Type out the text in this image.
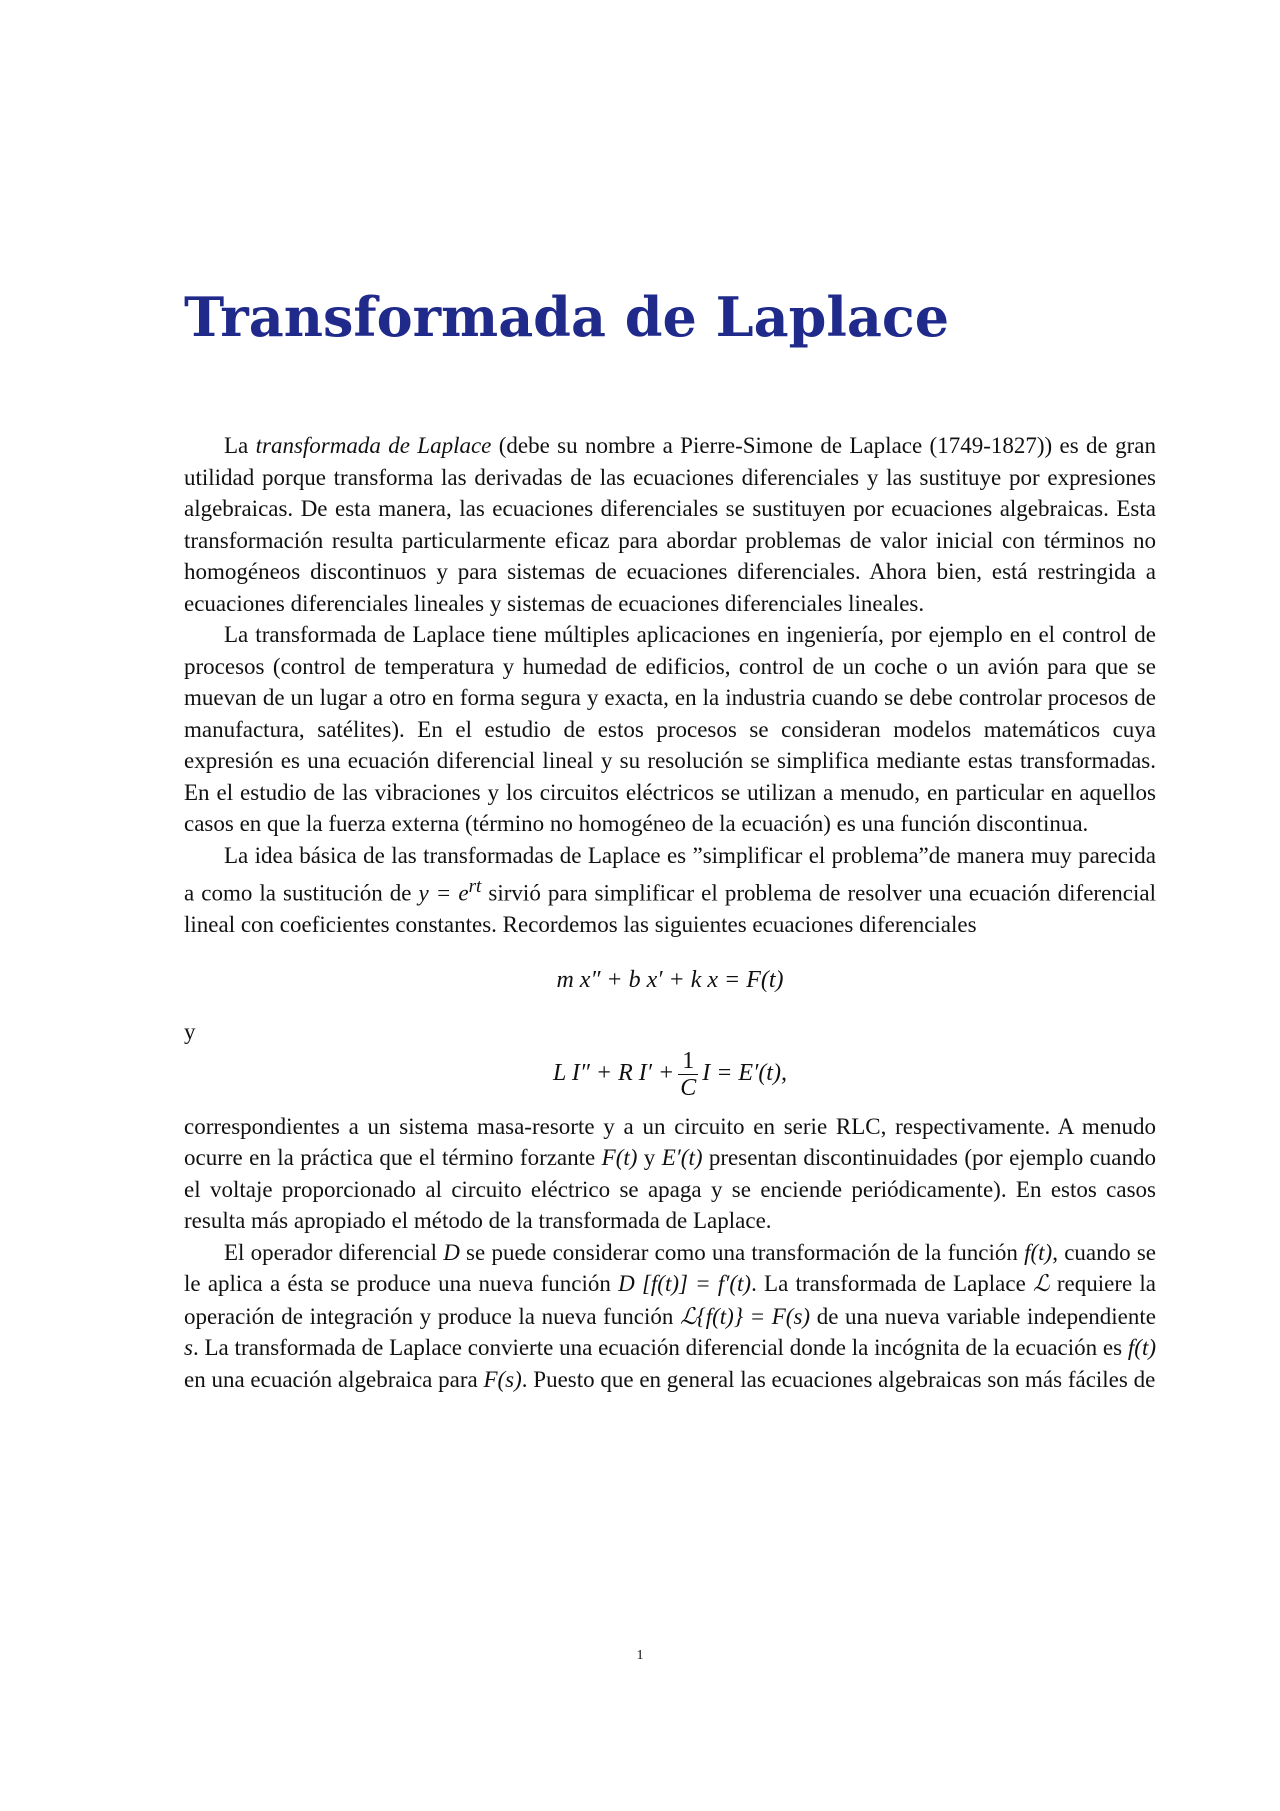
Transformada de Laplace

La transformada de Laplace (debe su nombre a Pierre-Simone de Laplace (1749-1827)) es de gran utilidad porque transforma las derivadas de las ecuaciones diferenciales y las sustituye por expresiones algebraicas. De esta manera, las ecuaciones diferenciales se sustituyen por ecuaciones algebraicas. Esta transformación resulta particularmente eficaz para abordar problemas de valor inicial con términos no homogéneos discontinuos y para sistemas de ecuaciones diferenciales. Ahora bien, está restringida a ecuaciones diferenciales lineales y sistemas de ecuaciones diferenciales lineales.

La transformada de Laplace tiene múltiples aplicaciones en ingeniería, por ejemplo en el control de procesos (control de temperatura y humedad de edificios, control de un coche o un avión para que se muevan de un lugar a otro en forma segura y exacta, en la industria cuando se debe controlar procesos de manufactura, satélites). En el estudio de estos procesos se consideran modelos matemáticos cuya expresión es una ecuación diferencial lineal y su resolución se simplifica mediante estas transformadas. En el estudio de las vibraciones y los circuitos eléctricos se utilizan a menudo, en particular en aquellos casos en que la fuerza externa (término no homogéneo de la ecuación) es una función discontinua.

La idea básica de las transformadas de Laplace es ”simplificar el problema”de manera muy parecida a como la sustitución de $y = e^{rt}$ sirvió para simplificar el problema de resolver una ecuación diferencial lineal con coeficientes constantes. Recordemos las siguientes ecuaciones diferenciales

m x″ + b x′ + k x = F(t)

y

L I″ + R $I' + \frac{1}{C}$ I = E′(t),

correspondientes a un sistema masa-resorte y a un circuito en serie RLC, respectivamente. A menudo ocurre en la práctica que el término forzante F(t) y E′(t) presentan discontinuidades (por ejemplo cuando el voltaje proporcionado al circuito eléctrico se apaga y se enciende periódicamente). En estos casos resulta más apropiado el método de la transformada de Laplace.

El operador diferencial D se puede considerar como una transformación de la función f(t), cuando se le aplica a ésta se produce una nueva función D [f(t)] = f′(t). La transformada de Laplace ℒ requiere la operación de integración y produce la nueva función ℒ{f(t)} = F(s) de una nueva variable independiente s. La transformada de Laplace convierte una ecuación diferencial donde la incógnita de la ecuación es f(t) en una ecuación algebraica para F(s). Puesto que en general las ecuaciones algebraicas son más fáciles de

1
